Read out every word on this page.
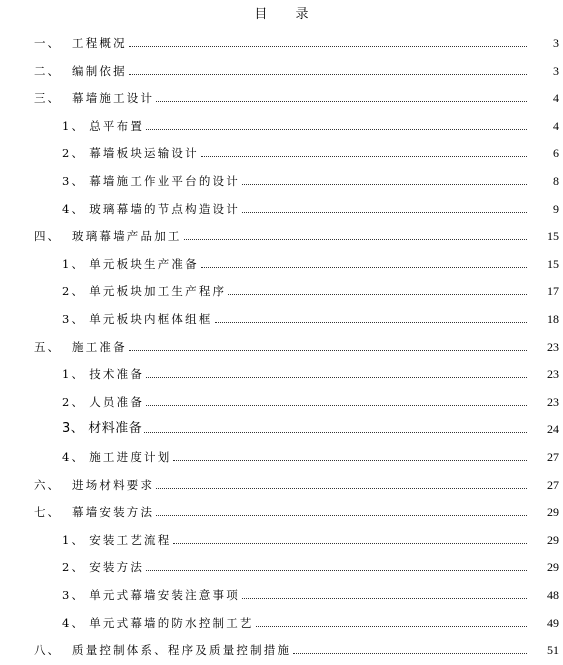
目 录
一、 工程概况	3
二、 编制依据	3
三、 幕墙施工设计	4
1、 总平布置	4
2、 幕墙板块运输设计	6
3、 幕墙施工作业平台的设计	8
4、 玻璃幕墙的节点构造设计	9
四、 玻璃幕墙产品加工	15
1、 单元板块生产准备	15
2、 单元板块加工生产程序	17
3、 单元板块内框体组框	18
五、 施工准备	23
1、 技术准备	23
2、 人员准备	23
3、 材料准备	24
4、 施工进度计划	27
六、 进场材料要求	27
七、 幕墙安装方法	29
1、 安装工艺流程	29
2、 安装方法	29
3、 单元式幕墙安装注意事项	48
4、 单元式幕墙的防水控制工艺	49
八、 质量控制体系、程序及质量控制措施	51
